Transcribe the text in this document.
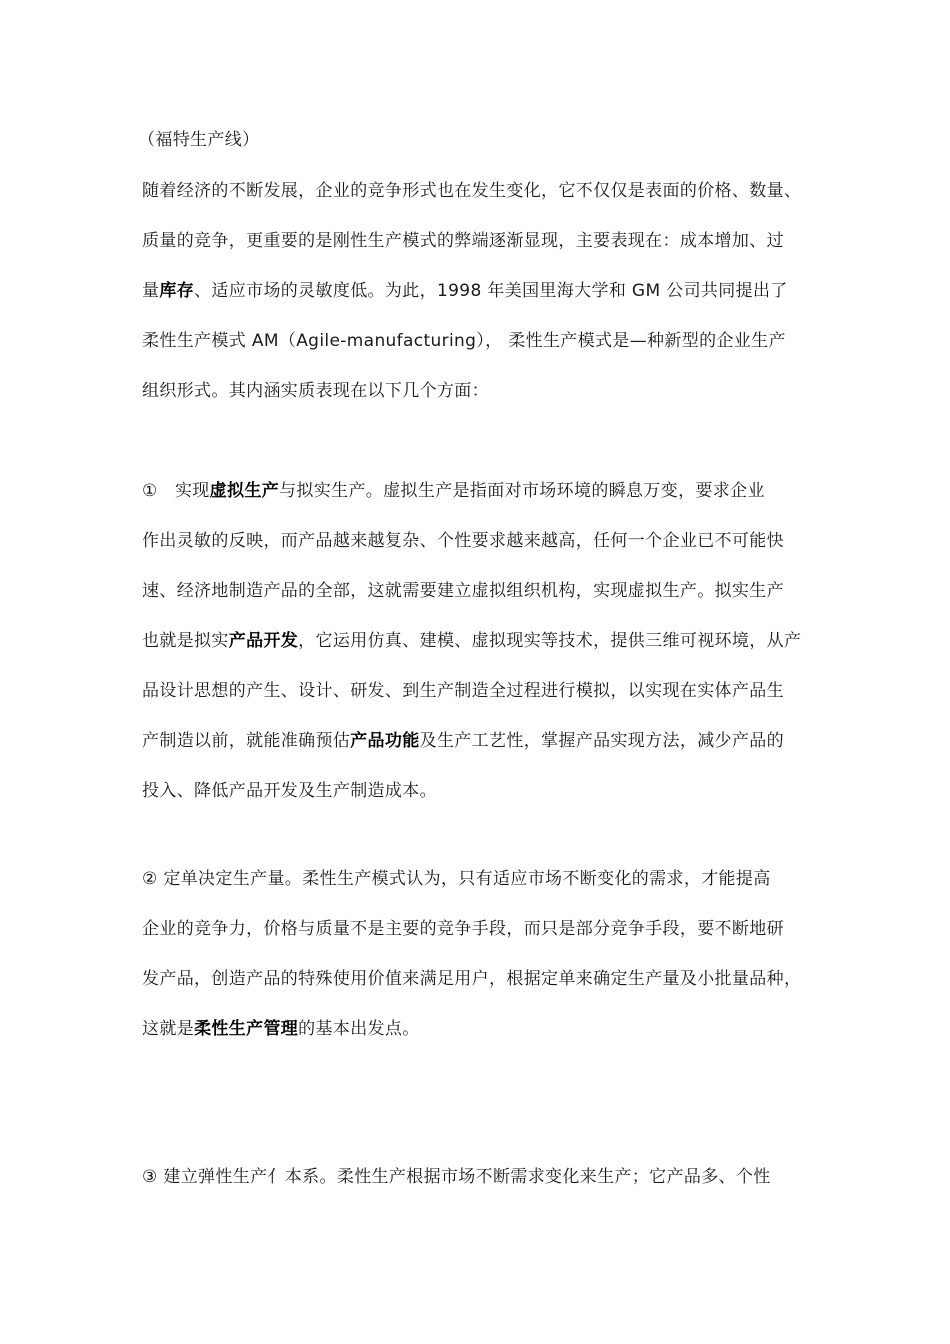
（福特生产线）
随着经济的不断发展，企业的竞争形式也在发生变化，它不仅仅是表面的价格、数量、
质量的竞争，更重要的是刚性生产模式的弊端逐渐显现，主要表现在：成本增加、过
量库存、适应市场的灵敏度低。为此，1998 年美国里海大学和 GM 公司共同提出了
柔性生产模式 AM（Agile-manufacturing）， 柔性生产模式是—种新型的企业生产
组织形式。其内涵实质表现在以下几个方面：
①　实现虚拟生产与拟实生产。虚拟生产是指面对市场环境的瞬息万变，要求企业
作出灵敏的反映，而产品越来越复杂、个性要求越来越高，任何一个企业已不可能快
速、经济地制造产品的全部，这就需要建立虚拟组织机构，实现虚拟生产。拟实生产
也就是拟实产品开发，它运用仿真、建模、虚拟现实等技术，提供三维可视环境，从产
品设计思想的产生、设计、研发、到生产制造全过程进行模拟，以实现在实体产品生
产制造以前，就能准确预估产品功能及生产工艺性，掌握产品实现方法，减少产品的
投入、降低产品开发及生产制造成本。
② 定单决定生产量。柔性生产模式认为，只有适应市场不断变化的需求，才能提高
企业的竞争力，价格与质量不是主要的竞争手段，而只是部分竞争手段，要不断地研
发产品，创造产品的特殊使用价值来满足用户，根据定单来确定生产量及小批量品种，
这就是柔性生产管理的基本出发点。
③ 建立弹性生产亻本系。柔性生产根据市场不断需求变化来生产；它产品多、个性
